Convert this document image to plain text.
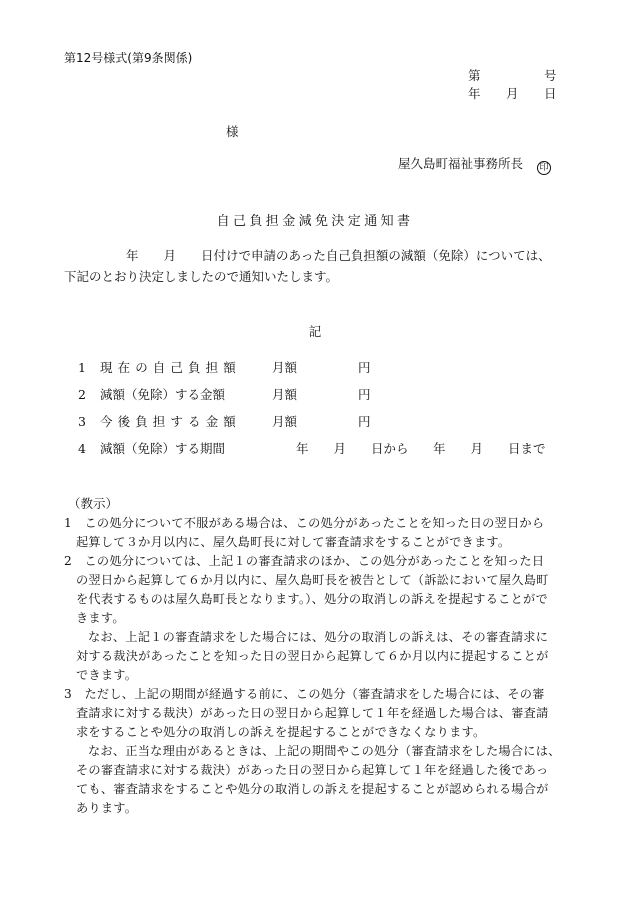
第12号様式(第9条関係)
第	号
年 月 日
様
屋久島町福祉事務所長 印
自己負担金減免決定通知書
年　　月　　日付けで申請のあった自己負担額の減額（免除）については、
下記のとおり決定しましたので通知いたします。
記
1 現在の自己負担額 月額	円
2 減額（免除）する金額	月額	円
3 今後負担する金額 月額	円
4 減額（免除）する期間	年　　月　　日から 年　　月　　日まで
（教示）
1　この処分について不服がある場合は、この処分があったことを知った日の翌日から
起算して３か月以内に、屋久島町長に対して審査請求をすることができます。
2　この処分については、上記１の審査請求のほか、この処分があったことを知った日
の翌日から起算して６か月以内に、屋久島町長を被告として（訴訟において屋久島町
を代表するものは屋久島町長となります。）、処分の取消しの訴えを提起することがで
きます。
なお、上記１の審査請求をした場合には、処分の取消しの訴えは、その審査請求に
対する裁決があったことを知った日の翌日から起算して６か月以内に提起することが
できます。
3　ただし、上記の期間が経過する前に、この処分（審査請求をした場合には、その審
査請求に対する裁決）があった日の翌日から起算して１年を経過した場合は、審査請
求をすることや処分の取消しの訴えを提起することができなくなります。
なお、正当な理由があるときは、上記の期間やこの処分（審査請求をした場合には、
その審査請求に対する裁決）があった日の翌日から起算して１年を経過した後であっ
ても、審査請求をすることや処分の取消しの訴えを提起することが認められる場合が
あります。
